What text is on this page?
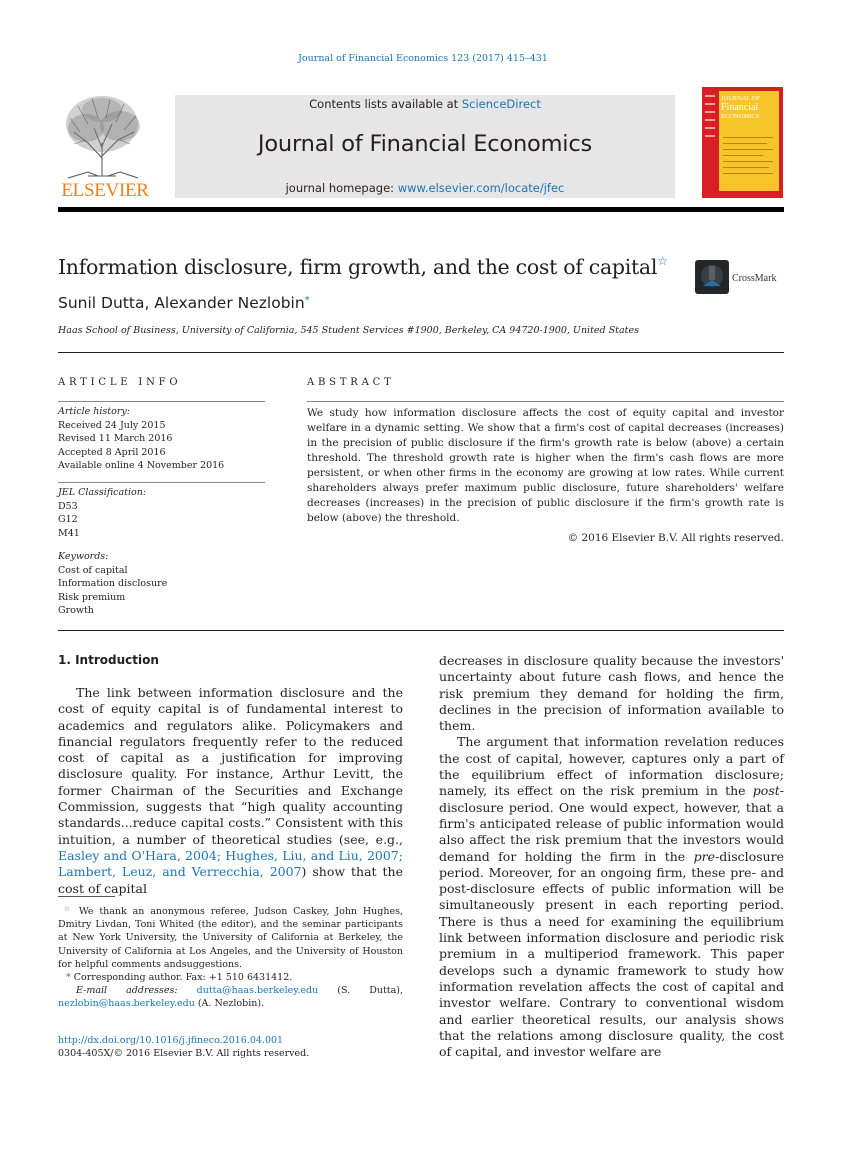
Journal of Financial Economics 123 (2017) 415–431
ELSEVIER
Contents lists available at ScienceDirect
Journal of Financial Economics
journal homepage: www.elsevier.com/locate/jfec
JOURNAL OF
Financial
ECONOMICS
Information disclosure, firm growth, and the cost of capital☆
CrossMark
Sunil Dutta, Alexander Nezlobin*
Haas School of Business, University of California, 545 Student Services #1900, Berkeley, CA 94720-1900, United States
ARTICLE INFO
Article history:
Received 24 July 2015
Revised 11 March 2016
Accepted 8 April 2016
Available online 4 November 2016
JEL Classification:
D53
G12
M41
Keywords:
Cost of capital
Information disclosure
Risk premium
Growth
ABSTRACT
We study how information disclosure affects the cost of equity capital and investor welfare in a dynamic setting. We show that a firm's cost of capital decreases (increases) in the precision of public disclosure if the firm's growth rate is below (above) a certain threshold. The threshold growth rate is higher when the firm's cash flows are more persistent, or when other firms in the economy are growing at low rates. While current shareholders always prefer maximum public disclosure, future shareholders' welfare decreases (increases) in the precision of public disclosure if the firm's growth rate is below (above) the threshold.
© 2016 Elsevier B.V. All rights reserved.
1. Introduction

The link between information disclosure and the cost of equity capital is of fundamental interest to academics and regulators alike. Policymakers and financial regulators frequently refer to the reduced cost of capital as a justification for improving disclosure quality. For instance, Arthur Levitt, the former Chairman of the Securities and Exchange Commission, suggests that “high quality accounting standards...reduce capital costs.” Consistent with this intuition, a number of theoretical studies (see, e.g., Easley and O'Hara, 2004; Hughes, Liu, and Liu, 2007; Lambert, Leuz, and Verrecchia, 2007) show that the cost of capital

☆ We thank an anonymous referee, Judson Caskey, John Hughes, Dmitry Livdan, Toni Whited (the editor), and the seminar participants at New York University, the University of California at Berkeley, the University of California at Los Angeles, and the University of Houston for helpful comments andsuggestions.
* Corresponding author. Fax: +1 510 6431412.
E-mail addresses: dutta@haas.berkeley.edu (S. Dutta), nezlobin@haas.berkeley.edu (A. Nezlobin).
http://dx.doi.org/10.1016/j.jfineco.2016.04.001
0304-405X/© 2016 Elsevier B.V. All rights reserved.

decreases in disclosure quality because the investors' uncertainty about future cash flows, and hence the risk premium they demand for holding the firm, declines in the precision of information available to them.

The argument that information revelation reduces the cost of capital, however, captures only a part of the equilibrium effect of information disclosure; namely, its effect on the risk premium in the post-disclosure period. One would expect, however, that a firm's anticipated release of public information would also affect the risk premium that the investors would demand for holding the firm in the pre-disclosure period. Moreover, for an ongoing firm, these pre- and post-disclosure effects of public information will be simultaneously present in each reporting period. There is thus a need for examining the equilibrium link between information disclosure and periodic risk premium in a multiperiod framework. This paper develops such a dynamic framework to study how information revelation affects the cost of capital and investor welfare. Contrary to conventional wisdom and earlier theoretical results, our analysis shows that the relations among disclosure quality, the cost of capital, and investor welfare are
